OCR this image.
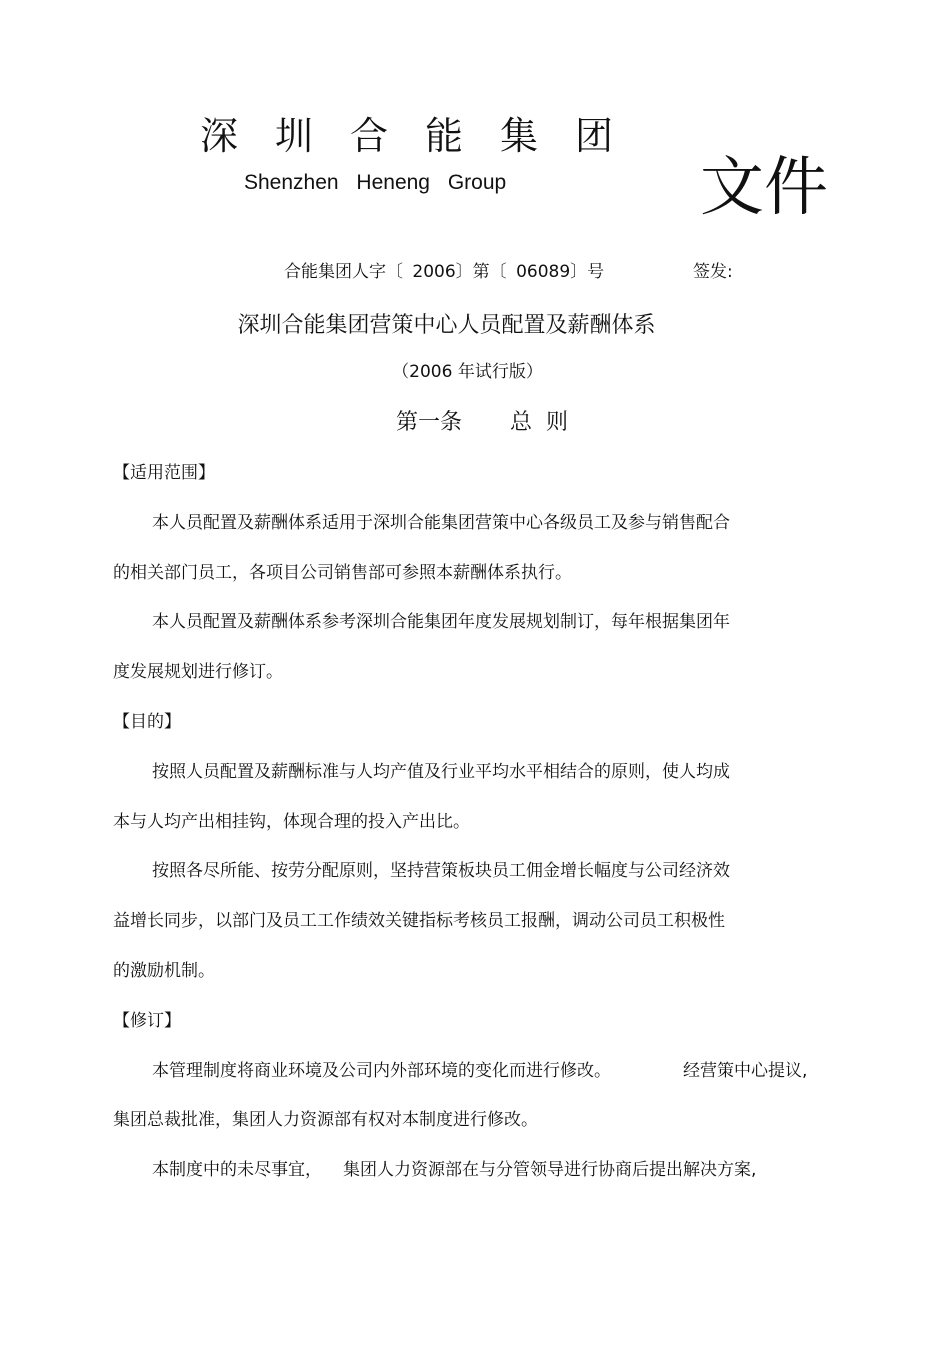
深圳合能集团
Shenzhen Heneng Group	文件
合能集团人字〔 2006〕第〔 06089〕号	签发:
深圳合能集团营策中心人员配置及薪酬体系
（2006 年试行版）
第一条 总 则
【适用范围】
本人员配置及薪酬体系适用于深圳合能集团营策中心各级员工及参与销售配合
的相关部门员工，各项目公司销售部可参照本薪酬体系执行。
本人员配置及薪酬体系参考深圳合能集团年度发展规划制订，每年根据集团年
度发展规划进行修订。
【目的】
按照人员配置及薪酬标准与人均产值及行业平均水平相结合的原则，使人均成
本与人均产出相挂钩，体现合理的投入产出比。
按照各尽所能、按劳分配原则，坚持营策板块员工佣金增长幅度与公司经济效
益增长同步，以部门及员工工作绩效关键指标考核员工报酬，调动公司员工积极性
的激励机制。
【修订】
本管理制度将商业环境及公司内外部环境的变化而进行修改。	经营策中心提议,
集团总裁批准，集团人力资源部有权对本制度进行修改。
本制度中的未尽事宜， 集团人力资源部在与分管领导进行协商后提出解决方案,
